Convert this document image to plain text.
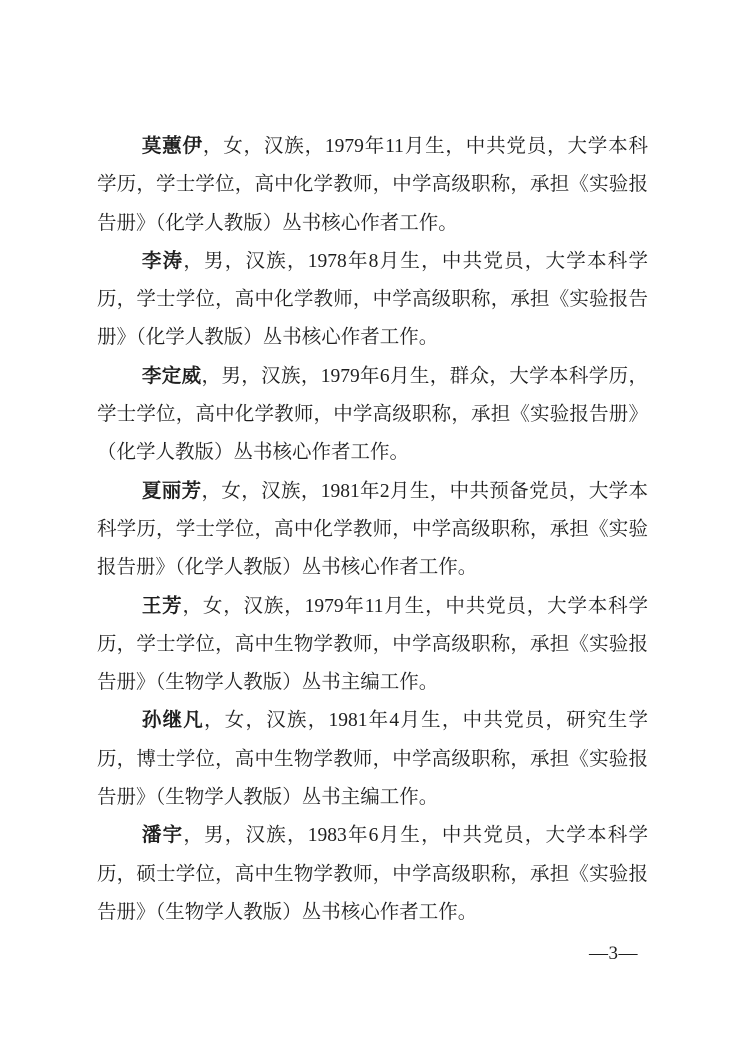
莫蕙伊，女，汉族，1979年11月生，中共党员，大学本科学历，学士学位，高中化学教师，中学高级职称，承担《实验报告册》（化学人教版）丛书核心作者工作。

李涛，男，汉族，1978年8月生，中共党员，大学本科学历，学士学位，高中化学教师，中学高级职称，承担《实验报告册》（化学人教版）丛书核心作者工作。

李定威，男，汉族，1979年6月生，群众，大学本科学历，学士学位，高中化学教师，中学高级职称，承担《实验报告册》（化学人教版）丛书核心作者工作。

夏丽芳，女，汉族，1981年2月生，中共预备党员，大学本科学历，学士学位，高中化学教师，中学高级职称，承担《实验报告册》（化学人教版）丛书核心作者工作。

王芳，女，汉族，1979年11月生，中共党员，大学本科学历，学士学位，高中生物学教师，中学高级职称，承担《实验报告册》（生物学人教版）丛书主编工作。

孙继凡，女，汉族，1981年4月生，中共党员，研究生学历，博士学位，高中生物学教师，中学高级职称，承担《实验报告册》（生物学人教版）丛书主编工作。

潘宇，男，汉族，1983年6月生，中共党员，大学本科学历，硕士学位，高中生物学教师，中学高级职称，承担《实验报告册》（生物学人教版）丛书核心作者工作。

—3—
